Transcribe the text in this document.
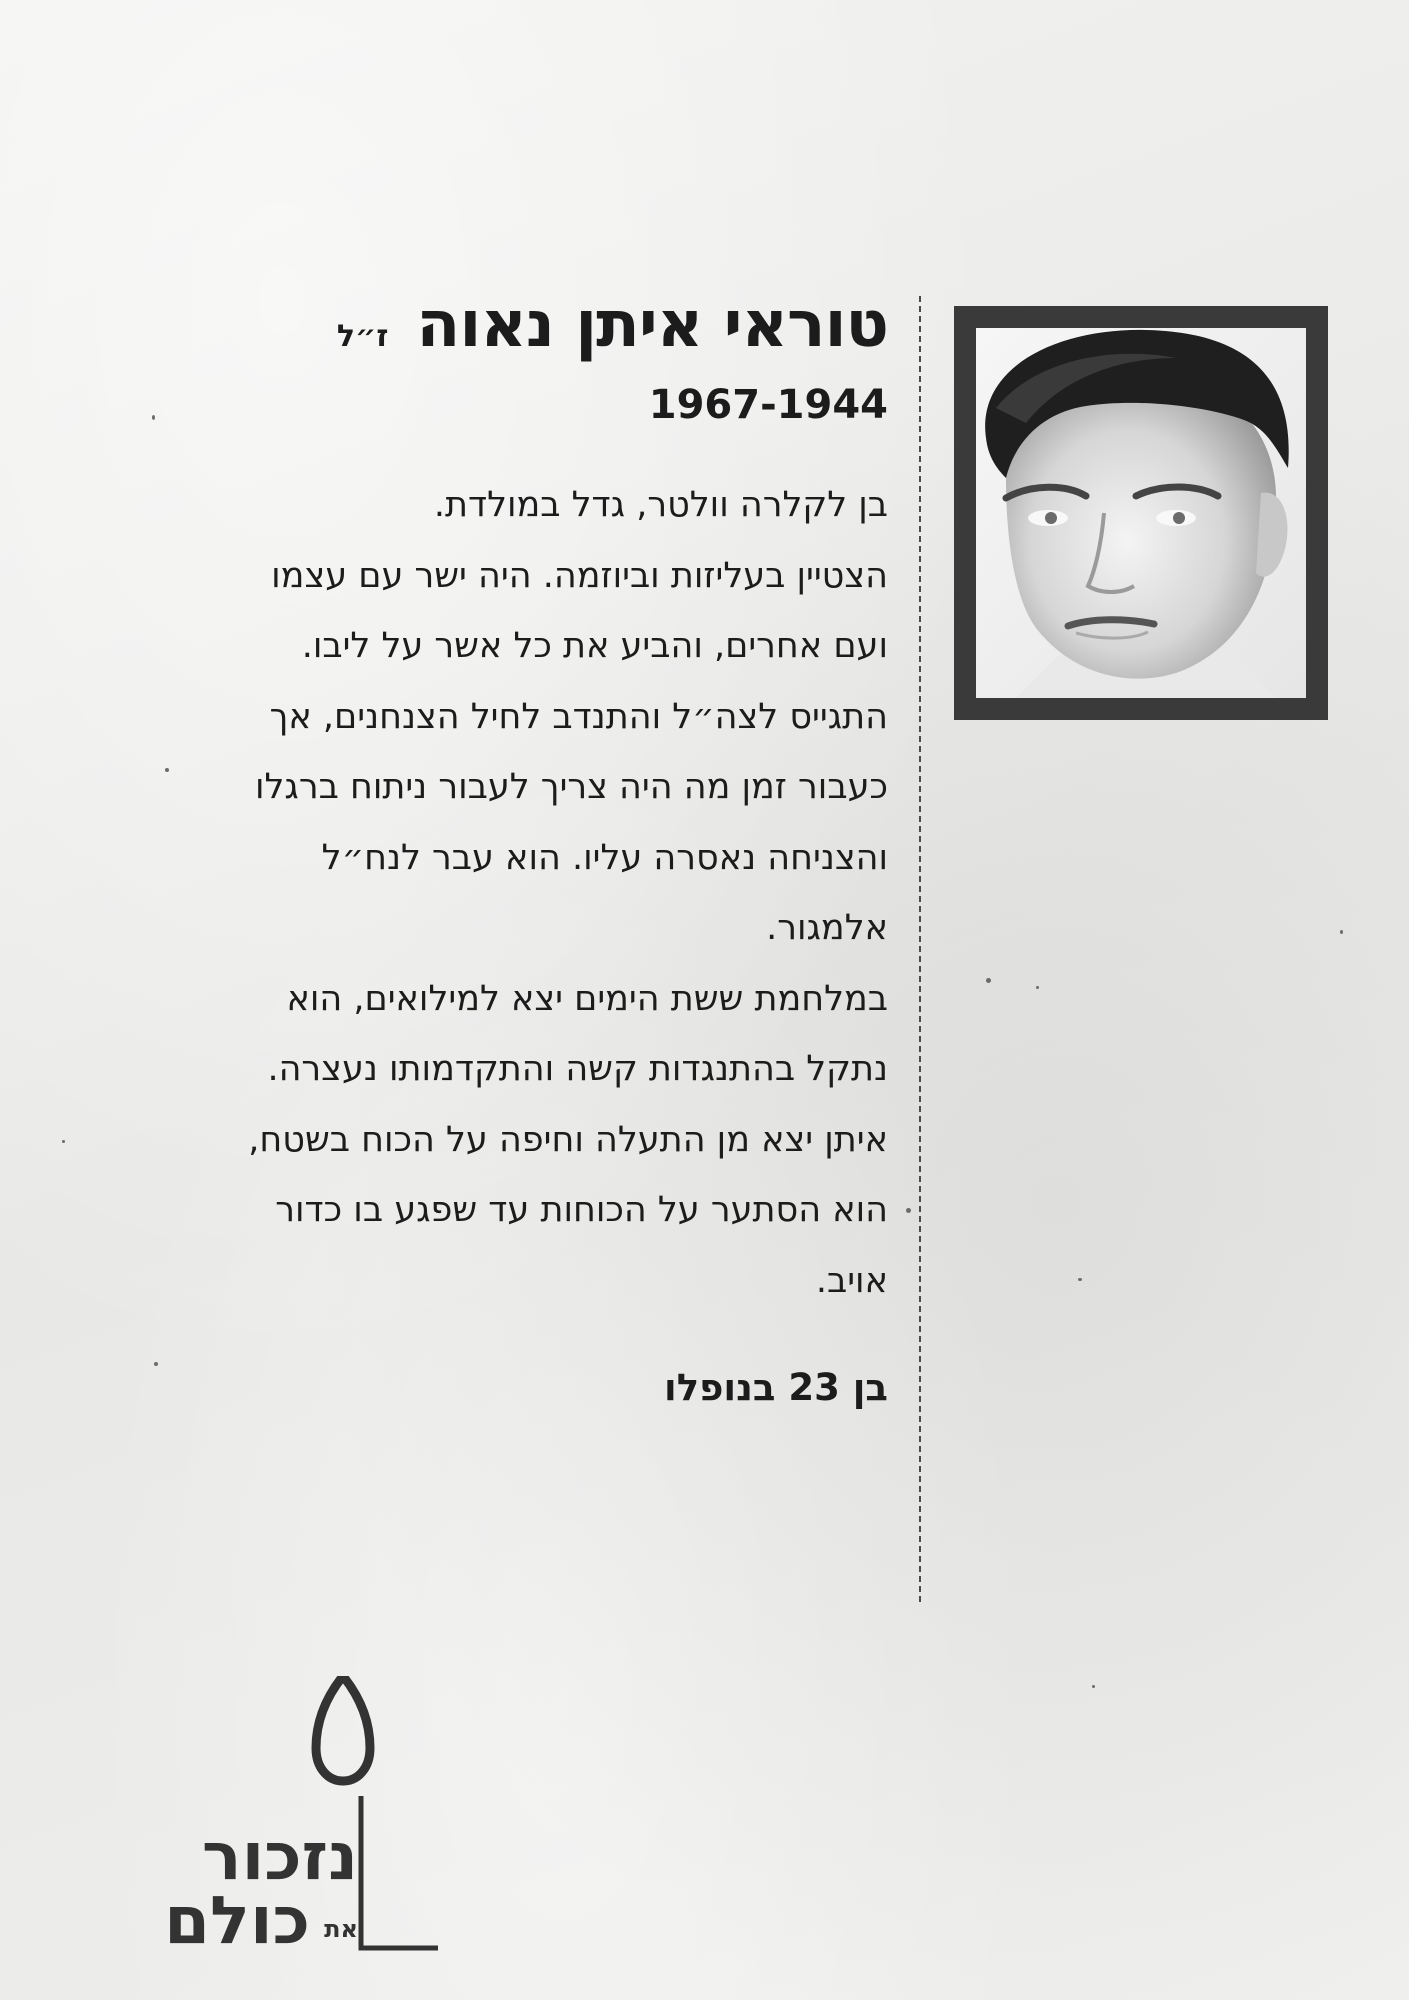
טוראי איתן נאוה
ז״ל
1967-1944
בן לקלרה וולטר, גדל במולדת.
הצטיין בעליזות וביוזמה. היה ישר עם עצמו
ועם אחרים, והביע את כל אשר על ליבו.
התגייס לצה״ל והתנדב לחיל הצנחנים, אך
כעבור זמן מה היה צריך לעבור ניתוח ברגלו
והצניחה נאסרה עליו. הוא עבר לנח״ל
אלמגור.
במלחמת ששת הימים יצא למילואים, הוא
נתקל בהתנגדות קשה והתקדמותו נעצרה.
איתן יצא מן התעלה וחיפה על הכוח בשטח,
הוא הסתער על הכוחות עד שפגע בו כדור
אויב.
בן 23 בנופלו
נזכור
את
כולם
